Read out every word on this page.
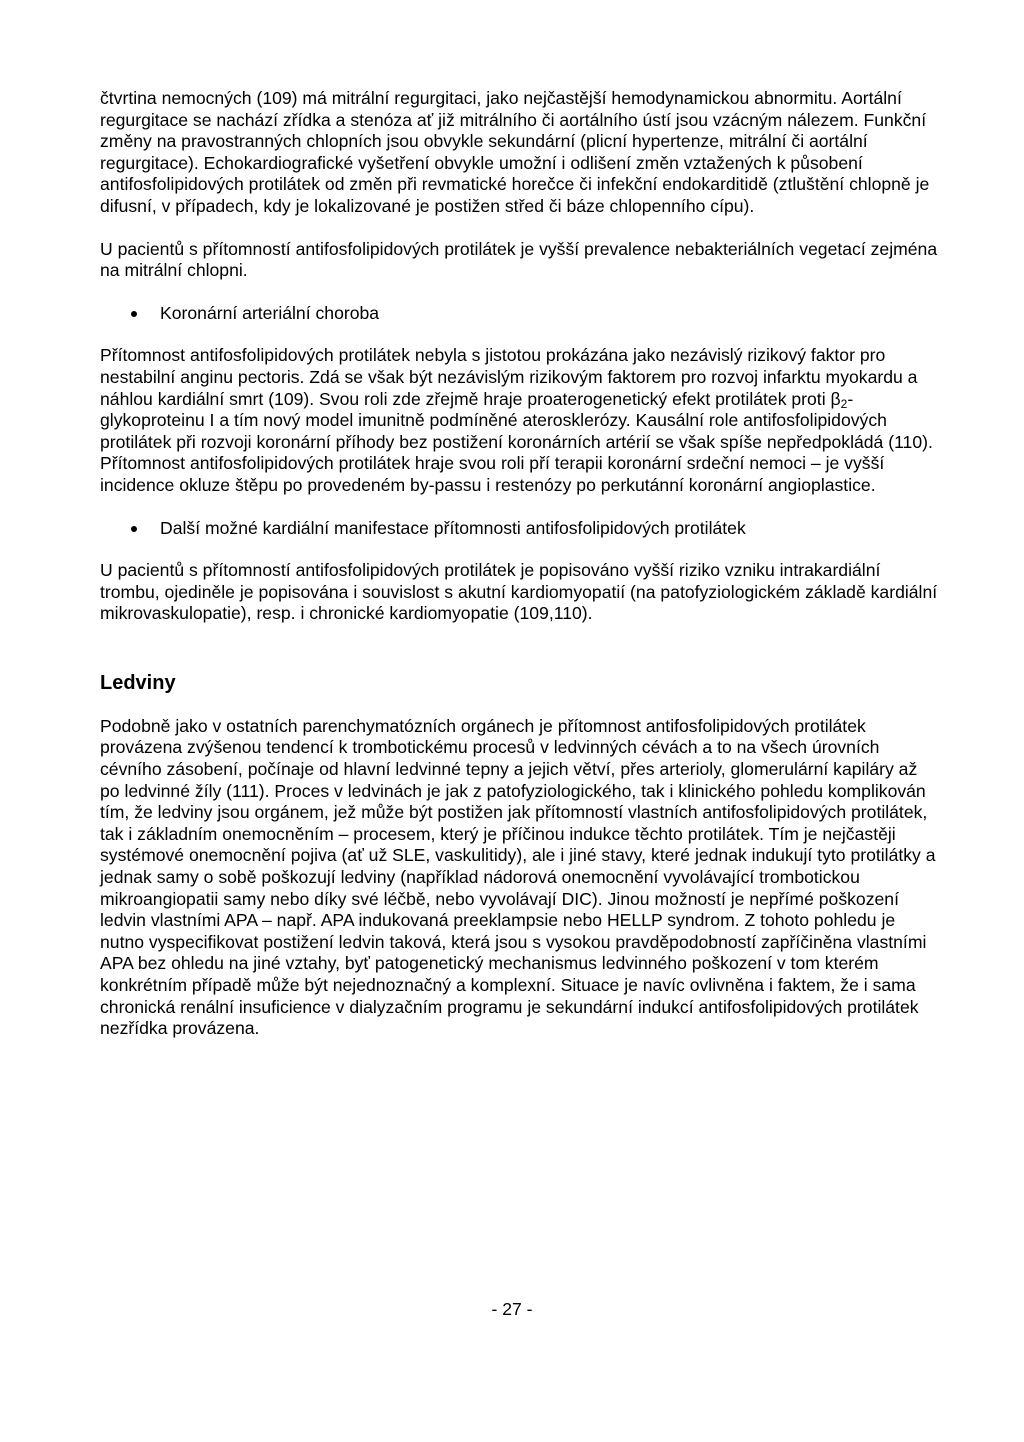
čtvrtina nemocných (109) má mitrální regurgitaci, jako nejčastější hemodynamickou abnormitu. Aortální regurgitace se nachází zřídka a stenóza ať již mitrálního či aortálního ústí jsou vzácným nálezem. Funkční změny na pravostranných chlopních jsou obvykle sekundární (plicní hypertenze, mitrální či aortální regurgitace). Echokardiografické vyšetření obvykle umožní i odlišení změn vztažených k působení antifosfolipidových protilátek od změn při revmatické horečce či infekční endokarditidě (ztluštění chlopně je difusní, v případech, kdy je lokalizované je postižen střed či báze chlopenního cípu).

U pacientů s přítomností antifosfolipidových protilátek je vyšší prevalence nebakteriálních vegetací zejména na mitrální chlopni.

Koronární arteriální choroba

Přítomnost antifosfolipidových protilátek nebyla s jistotou prokázána jako nezávislý rizikový faktor pro nestabilní anginu pectoris. Zdá se však být nezávislým rizikovým faktorem pro rozvoj infarktu myokardu a náhlou kardiální smrt (109). Svou roli zde zřejmě hraje proaterogenetický efekt protilátek proti $\beta_2$-glykoproteinu I a tím nový model imunitně podmíněné aterosklerózy. Kausální role antifosfolipidových protilátek při rozvoji koronární příhody bez postižení koronárních artérií se však spíše nepředpokládá (110). Přítomnost antifosfolipidových protilátek hraje svou roli pří terapii koronární srdeční nemoci – je vyšší incidence okluze štěpu po provedeném by-passu i restenózy po perkutánní koronární angioplastice.

Další možné kardiální manifestace přítomnosti antifosfolipidových protilátek

U pacientů s přítomností antifosfolipidových protilátek je popisováno vyšší riziko vzniku intrakardiální trombu, ojediněle je popisována i souvislost s akutní kardiomyopatií (na patofyziologickém základě kardiální mikrovaskulopatie), resp. i chronické kardiomyopatie (109,110).

Ledviny

Podobně jako v ostatních parenchymatózních orgánech je přítomnost antifosfolipidových protilátek provázena zvýšenou tendencí k trombotickému procesů v ledvinných cévách a to na všech úrovních cévního zásobení, počínaje od hlavní ledvinné tepny a jejich větví, přes arterioly, glomerulární kapiláry až po ledvinné žíly (111). Proces v ledvinách je jak z patofyziologického, tak i klinického pohledu komplikován tím, že ledviny jsou orgánem, jež může být postižen jak přítomností vlastních antifosfolipidových protilátek, tak i základním onemocněním – procesem, který je příčinou indukce těchto protilátek. Tím je nejčastěji systémové onemocnění pojiva (ať už SLE, vaskulitidy), ale i jiné stavy, které jednak indukují tyto protilátky a jednak samy o sobě poškozují ledviny (například nádorová onemocnění vyvolávající trombotickou mikroangiopatii samy nebo díky své léčbě, nebo vyvolávají DIC). Jinou možností je nepřímé poškození ledvin vlastními APA – např. APA indukovaná preeklampsie nebo HELLP syndrom. Z tohoto pohledu je nutno vyspecifikovat postižení ledvin taková, která jsou s vysokou pravděpodobností zapříčiněna vlastními APA bez ohledu na jiné vztahy, byť patogenetický mechanismus ledvinného poškození v tom kterém konkrétním případě může být nejednoznačný a komplexní. Situace je navíc ovlivněna i faktem, že i sama chronická renální insuficience v dialyzačním programu je sekundární indukcí antifosfolipidových protilátek nezřídka provázena.

- 27 -
